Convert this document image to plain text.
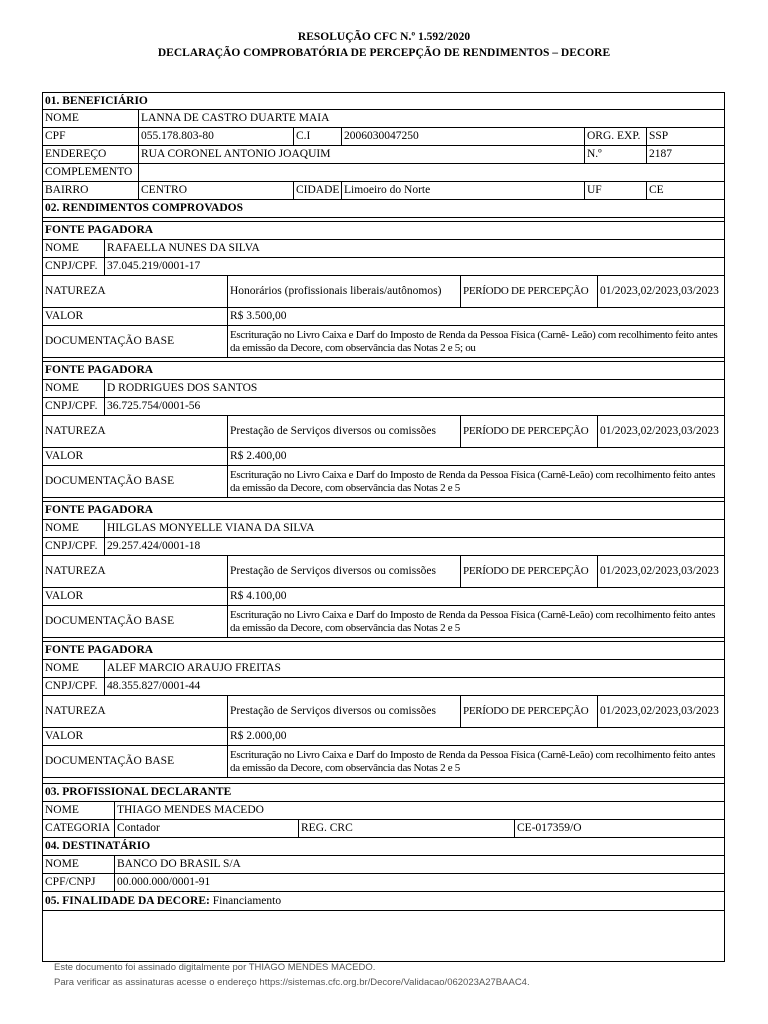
RESOLUÇÃO CFC N.º 1.592/2020
DECLARAÇÃO COMPROBATÓRIA DE PERCEPÇÃO DE RENDIMENTOS – DECORE
01. BENEFICIÁRIO					
NOME	LANNA DE CASTRO DUARTE MAIA				
CPF	055.178.803-80	C.I	2006030047250	ORG. EXP.	SSP
ENDEREÇO	RUA CORONEL ANTONIO JOAQUIM			N.º	2187
COMPLEMENTO					
BAIRRO	CENTRO	CIDADE	Limoeiro do Norte	UF	CE
02. RENDIMENTOS COMPROVADOS					
FONTE PAGADORA				
NOME	RAFAELLA NUNES DA SILVA			
CNPJ/CPF.	37.045.219/0001-17			
NATUREZA		Honorários (profissionais liberais/autônomos)	PERÍODO DE PERCEPÇÃO	01/2023,02/2023,03/2023
VALOR		R$ 3.500,00		
DOCUMENTAÇÃO BASE		Escrituração no Livro Caixa e Darf do Imposto de Renda da Pessoa Física (Carnê- Leão) com recolhimento feito antes da emissão da Decore, com observância das Notas 2 e 5; ou		
FONTE PAGADORA				
NOME	D RODRIGUES DOS SANTOS			
CNPJ/CPF.	36.725.754/0001-56			
NATUREZA		Prestação de Serviços diversos ou comissões	PERÍODO DE PERCEPÇÃO	01/2023,02/2023,03/2023
VALOR		R$ 2.400,00		
DOCUMENTAÇÃO BASE		Escrituração no Livro Caixa e Darf do Imposto de Renda da Pessoa Física (Carnê-Leão) com recolhimento feito antes da emissão da Decore, com observância das Notas 2 e 5		
FONTE PAGADORA				
NOME	HILGLAS MONYELLE VIANA DA SILVA			
CNPJ/CPF.	29.257.424/0001-18			
NATUREZA		Prestação de Serviços diversos ou comissões	PERÍODO DE PERCEPÇÃO	01/2023,02/2023,03/2023
VALOR		R$ 4.100,00		
DOCUMENTAÇÃO BASE		Escrituração no Livro Caixa e Darf do Imposto de Renda da Pessoa Física (Carnê-Leão) com recolhimento feito antes da emissão da Decore, com observância das Notas 2 e 5		
FONTE PAGADORA				
NOME	ALEF MARCIO ARAUJO FREITAS			
CNPJ/CPF.	48.355.827/0001-44			
NATUREZA		Prestação de Serviços diversos ou comissões	PERÍODO DE PERCEPÇÃO	01/2023,02/2023,03/2023
VALOR		R$ 2.000,00		
DOCUMENTAÇÃO BASE		Escrituração no Livro Caixa e Darf do Imposto de Renda da Pessoa Física (Carnê-Leão) com recolhimento feito antes da emissão da Decore, com observância das Notas 2 e 5		
03. PROFISSIONAL DECLARANTE			
NOME	THIAGO MENDES MACEDO		
CATEGORIA	Contador	REG. CRC	CE-017359/O
04. DESTINATÁRIO			
NOME	BANCO DO BRASIL S/A		
CPF/CNPJ	00.000.000/0001-91		
05. FINALIDADE DA DECORE: Financiamento			
Este documento foi assinado digitalmente por THIAGO MENDES MACEDO.
Para verificar as assinaturas acesse o endereço https://sistemas.cfc.org.br/Decore/Validacao/062023A27BAAC4.
